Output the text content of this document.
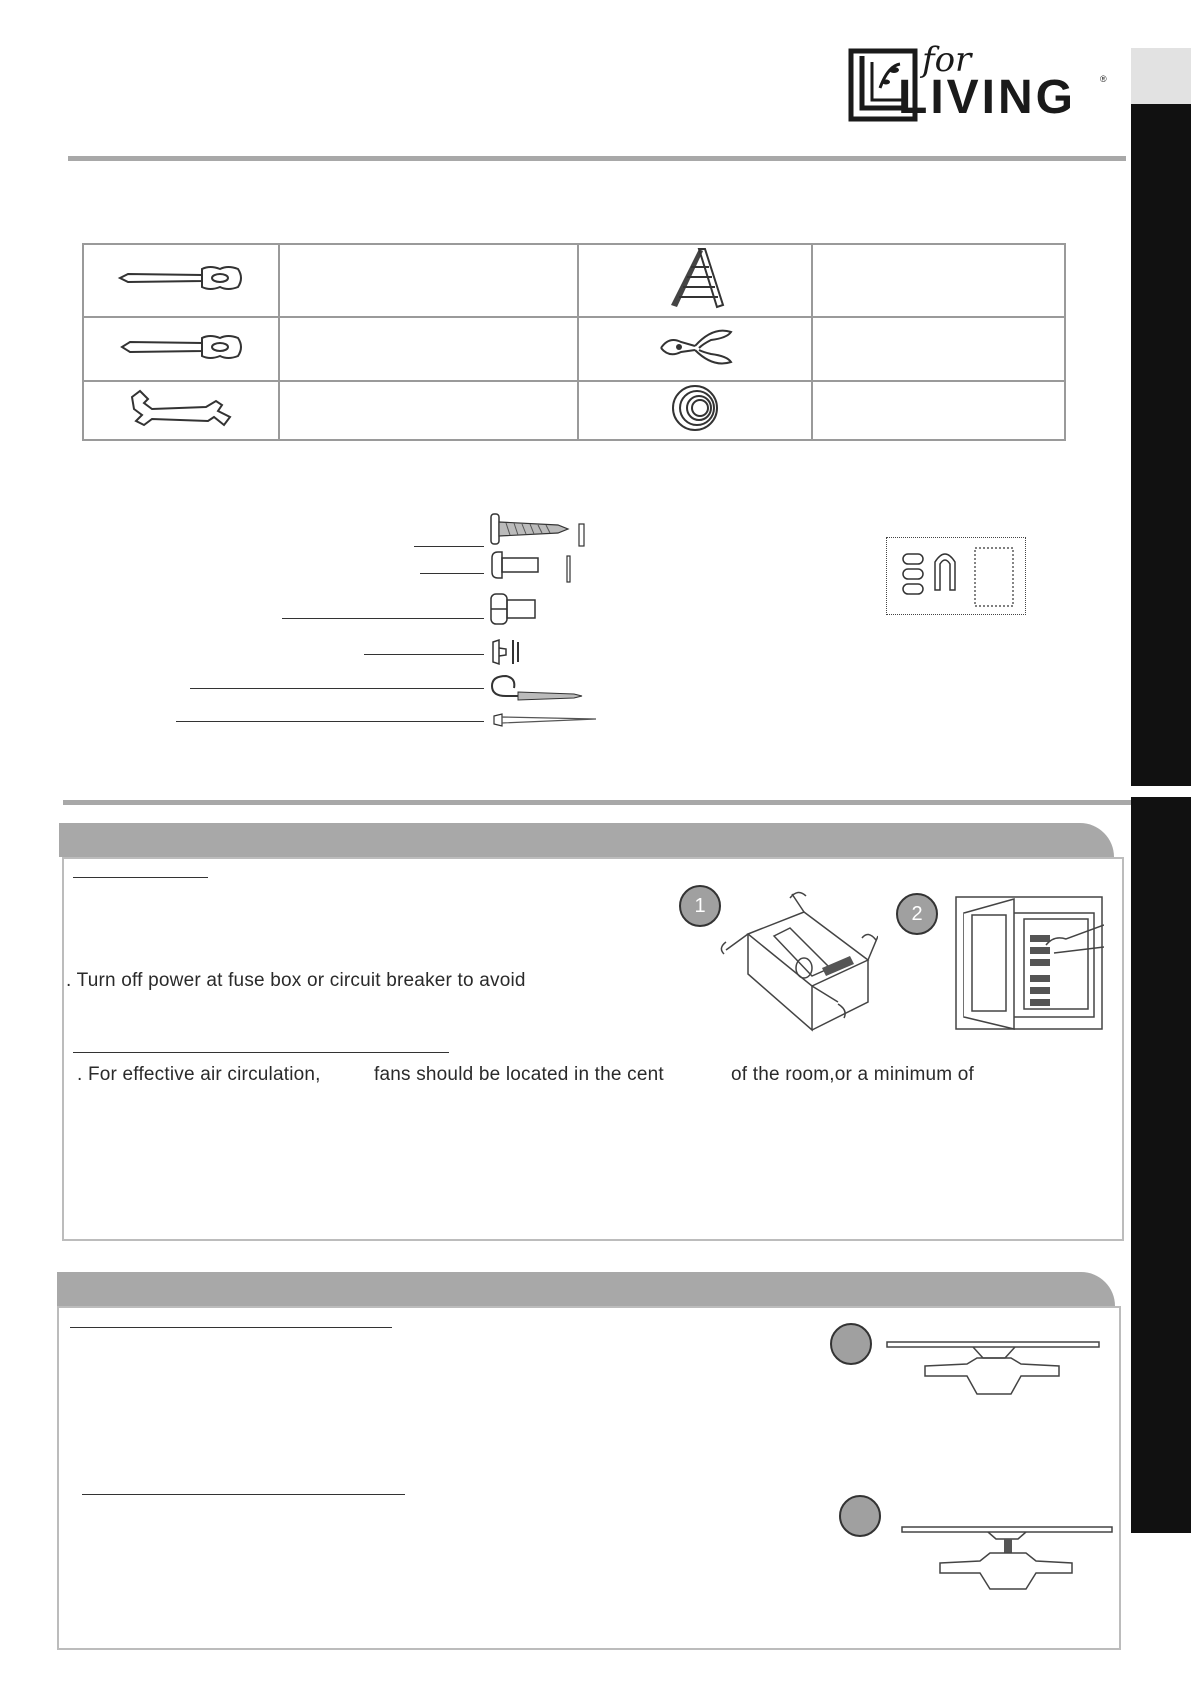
for
LIVING	®

. Turn off power at fuse box or circuit breaker to avoid
. For effective air circulation,	fans should be located in the cent	of the room,or a minimum of
1	2
